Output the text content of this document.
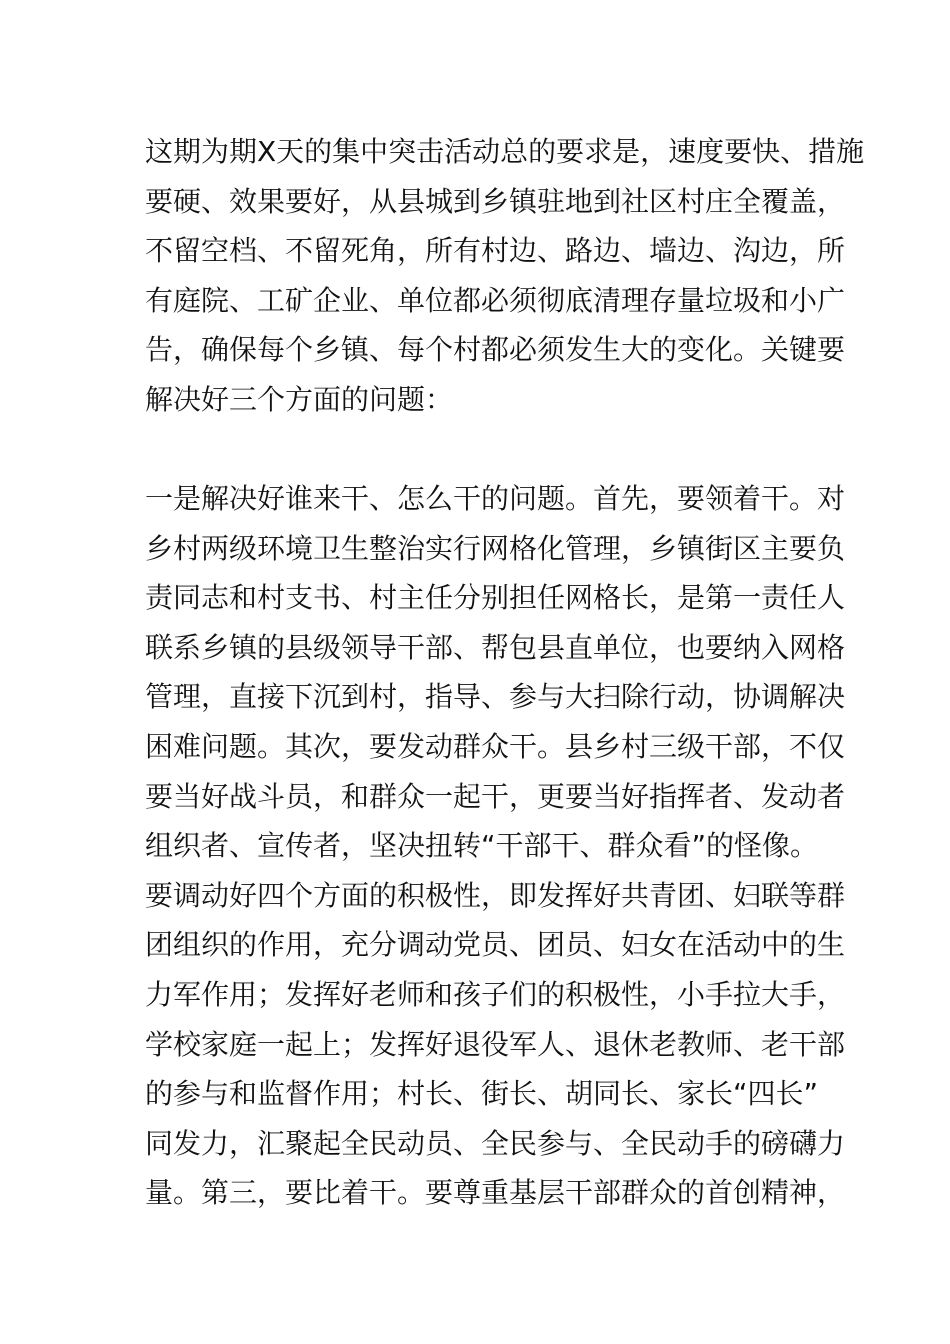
这期为期Ⅹ天的集中突击活动总的要求是，速度要快、措施
要硬、效果要好，从县城到乡镇驻地到社区村庄全覆盖，
不留空档、不留死角，所有村边、路边、墙边、沟边，所
有庭院、工矿企业、单位都必须彻底清理存量垃圾和小广
告，确保每个乡镇、每个村都必须发生大的变化。关键要
解决好三个方面的问题：
一是解决好谁来干、怎么干的问题。首先，要领着干。对
乡村两级环境卫生整治实行网格化管理，乡镇街区主要负
责同志和村支书、村主任分别担任网格长，是第一责任人
联系乡镇的县级领导干部、帮包县直单位，也要纳入网格
管理，直接下沉到村，指导、参与大扫除行动，协调解决
困难问题。其次，要发动群众干。县乡村三级干部，不仅
要当好战斗员，和群众一起干，更要当好指挥者、发动者
组织者、宣传者，坚决扭转“干部干、群众看”的怪像。
要调动好四个方面的积极性，即发挥好共青团、妇联等群
团组织的作用，充分调动党员、团员、妇女在活动中的生
力军作用；发挥好老师和孩子们的积极性，小手拉大手，
学校家庭一起上；发挥好退役军人、退休老教师、老干部
的参与和监督作用；村长、街长、胡同长、家长“四长”
同发力，汇聚起全民动员、全民参与、全民动手的磅礴力
量。第三，要比着干。要尊重基层干部群众的首创精神，
